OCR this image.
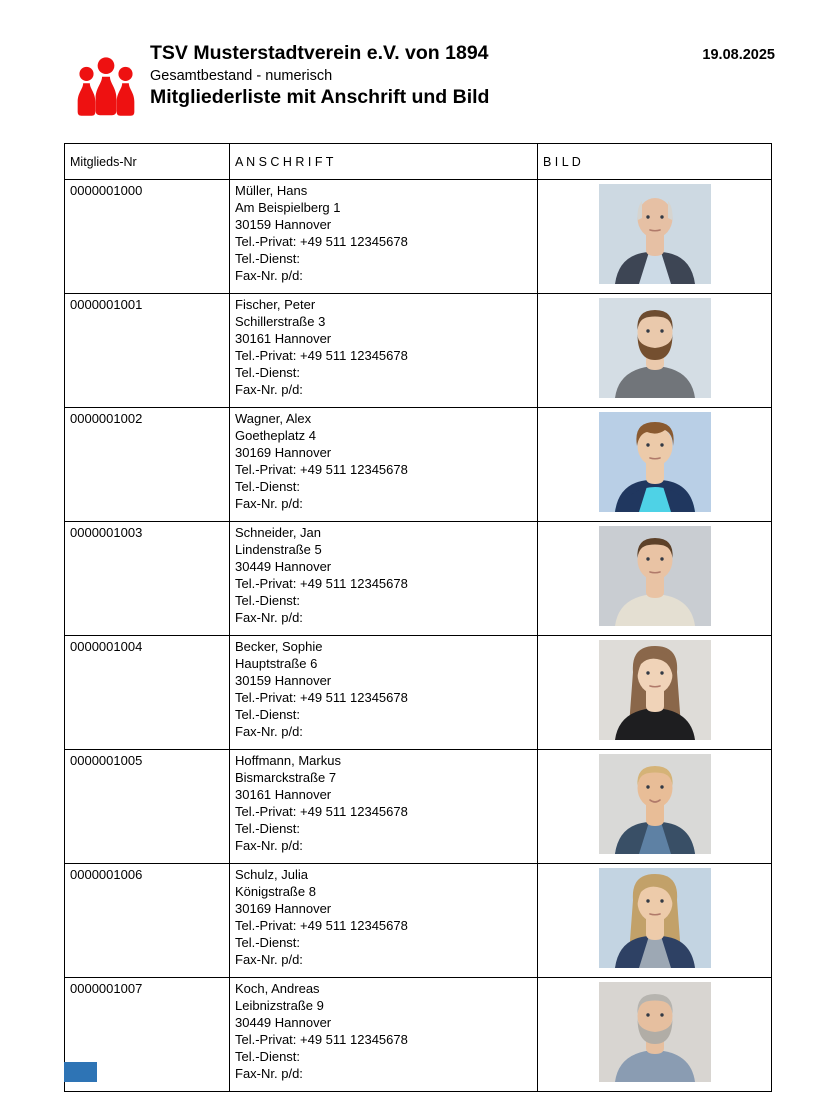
TSV Musterstadtverein e.V. von 1894
Gesamtbestand - numerisch
Mitgliederliste mit Anschrift und Bild
19.08.2025
Mitglieds-Nr	A N S C H R I F T	B I L D

0000001000	Müller, Hans
Am Beispielberg 1
30159 Hannover
Tel.-Privat: +49 511 12345678
Tel.-Dienst:
Fax-Nr. p/d:

0000001001	Fischer, Peter
Schillerstraße 3
30161 Hannover
Tel.-Privat: +49 511 12345678
Tel.-Dienst:
Fax-Nr. p/d:

0000001002	Wagner, Alex
Goetheplatz 4
30169 Hannover
Tel.-Privat: +49 511 12345678
Tel.-Dienst:
Fax-Nr. p/d:

0000001003	Schneider, Jan
Lindenstraße 5
30449 Hannover
Tel.-Privat: +49 511 12345678
Tel.-Dienst:
Fax-Nr. p/d:

0000001004	Becker, Sophie
Hauptstraße 6
30159 Hannover
Tel.-Privat: +49 511 12345678
Tel.-Dienst:
Fax-Nr. p/d:

0000001005	Hoffmann, Markus
Bismarckstraße 7
30161 Hannover
Tel.-Privat: +49 511 12345678
Tel.-Dienst:
Fax-Nr. p/d:

0000001006	Schulz, Julia
Königstraße 8
30169 Hannover
Tel.-Privat: +49 511 12345678
Tel.-Dienst:
Fax-Nr. p/d:

0000001007	Koch, Andreas
Leibnizstraße 9
30449 Hannover
Tel.-Privat: +49 511 12345678
Tel.-Dienst:
Fax-Nr. p/d:
